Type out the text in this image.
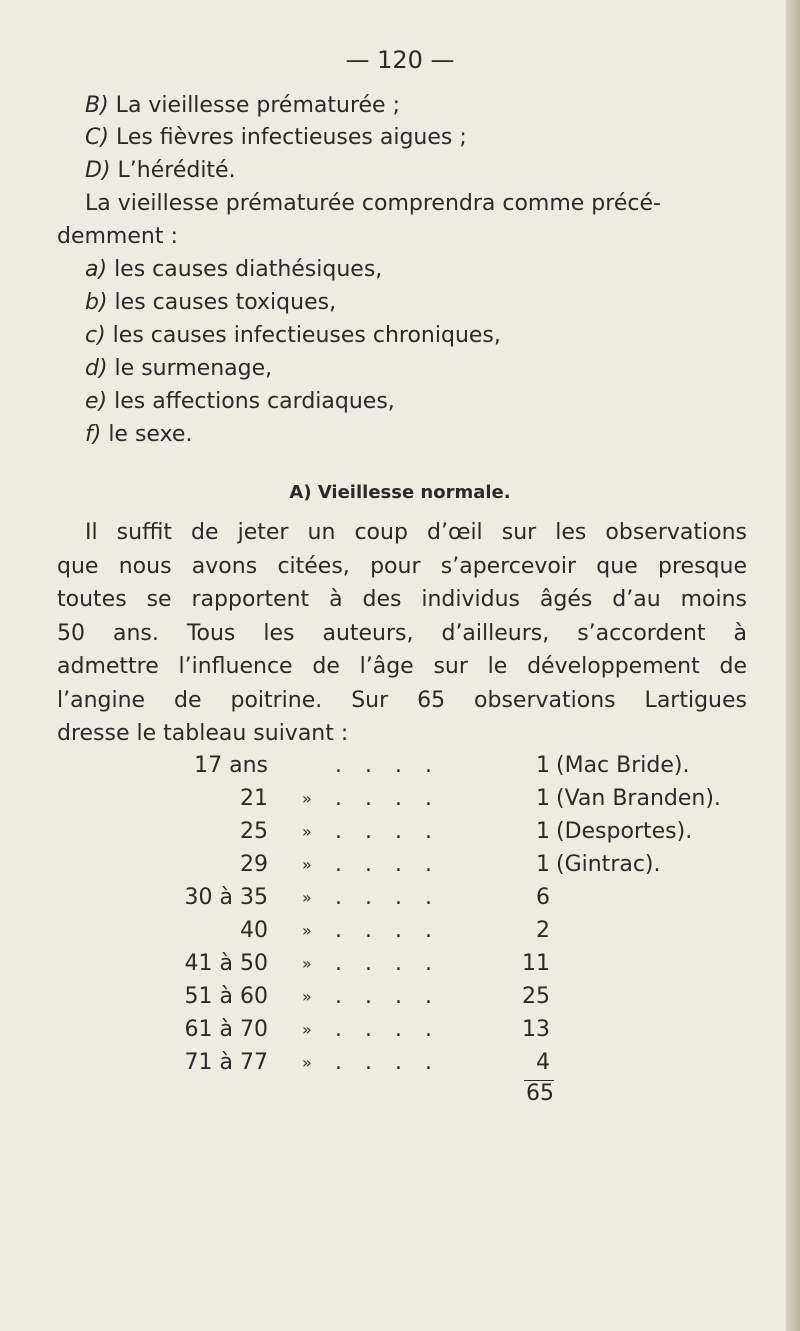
— 120 —
B) La vieillesse prématurée ;
C) Les fièvres infectieuses aigues ;
D) L’hérédité.
La vieillesse prématurée comprendra comme précé-
demment :
a) les causes diathésiques,
b) les causes toxiques,
c) les causes infectieuses chroniques,
d) le surmenage,
e) les affections cardiaques,
f) le sexe.
A) Vieillesse normale.
Il suffit de jeter un coup d’œil sur les observations
que nous avons citées, pour s’apercevoir que presque
toutes se rapportent à des individus âgés d’au moins
50 ans. Tous les auteurs, d’ailleurs, s’accordent à
admettre l’influence de l’âge sur le développement de
l’angine de poitrine. Sur 65 observations Lartigues
dresse le tableau suivant :
17 ans	. . . .	1 (Mac Bride).
21 » . . . .	1 (Van Branden).
25 » . . . .	1 (Desportes).
29 » . . . .	1 (Gintrac).
30 à 35 » . . . .	6
40 » . . . .	2
41 à 50 » . . . .	11
51 à 60 » . . . .	25
61 à 70 » . . . .	13
71 à 77 » . . . .	4
65
